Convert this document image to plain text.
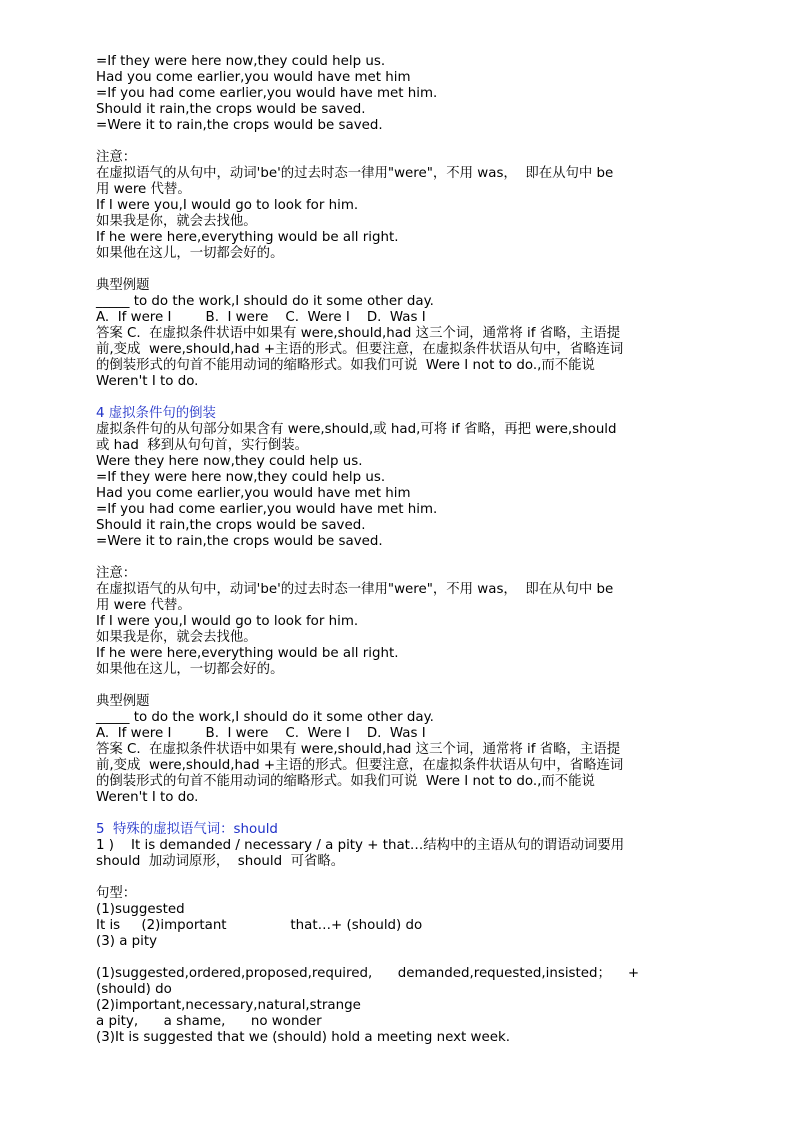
=If they were here now,they could help us.
Had you come earlier,you would have met him
=If you had come earlier,you would have met him.
Should it rain,the crops would be saved.
=Were it to rain,the crops would be saved.
注意：
在虚拟语气的从句中，动词'be'的过去时态一律用"were"，不用 was，  即在从句中 be
用 were 代替。
If I were you,I would go to look for him.
如果我是你，就会去找他。
If he were here,everything would be all right.
如果他在这儿，一切都会好的。
典型例题
_____ to do the work,I should do it some other day.
A.  If were I        B.  I were    C.  Were I    D.  Was I
答案 C.  在虚拟条件状语中如果有 were,should,had 这三个词，通常将 if 省略，主语提
前,变成  were,should,had +主语的形式。但要注意，在虚拟条件状语从句中，省略连词
的倒装形式的句首不能用动词的缩略形式。如我们可说  Were I not to do.,而不能说
Weren't I to do.
4 虚拟条件句的倒装
虚拟条件句的从句部分如果含有 were,should,或 had,可将 if 省略，再把 were,should
或 had  移到从句句首，实行倒装。
Were they here now,they could help us.
=If they were here now,they could help us.
Had you come earlier,you would have met him
=If you had come earlier,you would have met him.
Should it rain,the crops would be saved.
=Were it to rain,the crops would be saved.
注意：
在虚拟语气的从句中，动词'be'的过去时态一律用"were"，不用 was，  即在从句中 be
用 were 代替。
If I were you,I would go to look for him.
如果我是你，就会去找他。
If he were here,everything would be all right.
如果他在这儿，一切都会好的。
典型例题
_____ to do the work,I should do it some other day.
A.  If were I        B.  I were    C.  Were I    D.  Was I
答案 C.  在虚拟条件状语中如果有 were,should,had 这三个词，通常将 if 省略，主语提
前,变成  were,should,had +主语的形式。但要注意，在虚拟条件状语从句中，省略连词
的倒装形式的句首不能用动词的缩略形式。如我们可说  Were I not to do.,而不能说
Weren't I to do.
5  特殊的虚拟语气词：should
1 )    It is demanded / necessary / a pity + that…结构中的主语从句的谓语动词要用
should  加动词原形，  should  可省略。
句型：
(1)suggested
It is     (2)important               that…+ (should) do
(3) a pity
(1)suggested,ordered,proposed,required,      demanded,requested,insisted；    +
(should) do
(2)important,necessary,natural,strange
a pity,      a shame,      no wonder
(3)It is suggested that we (should) hold a meeting next week.
